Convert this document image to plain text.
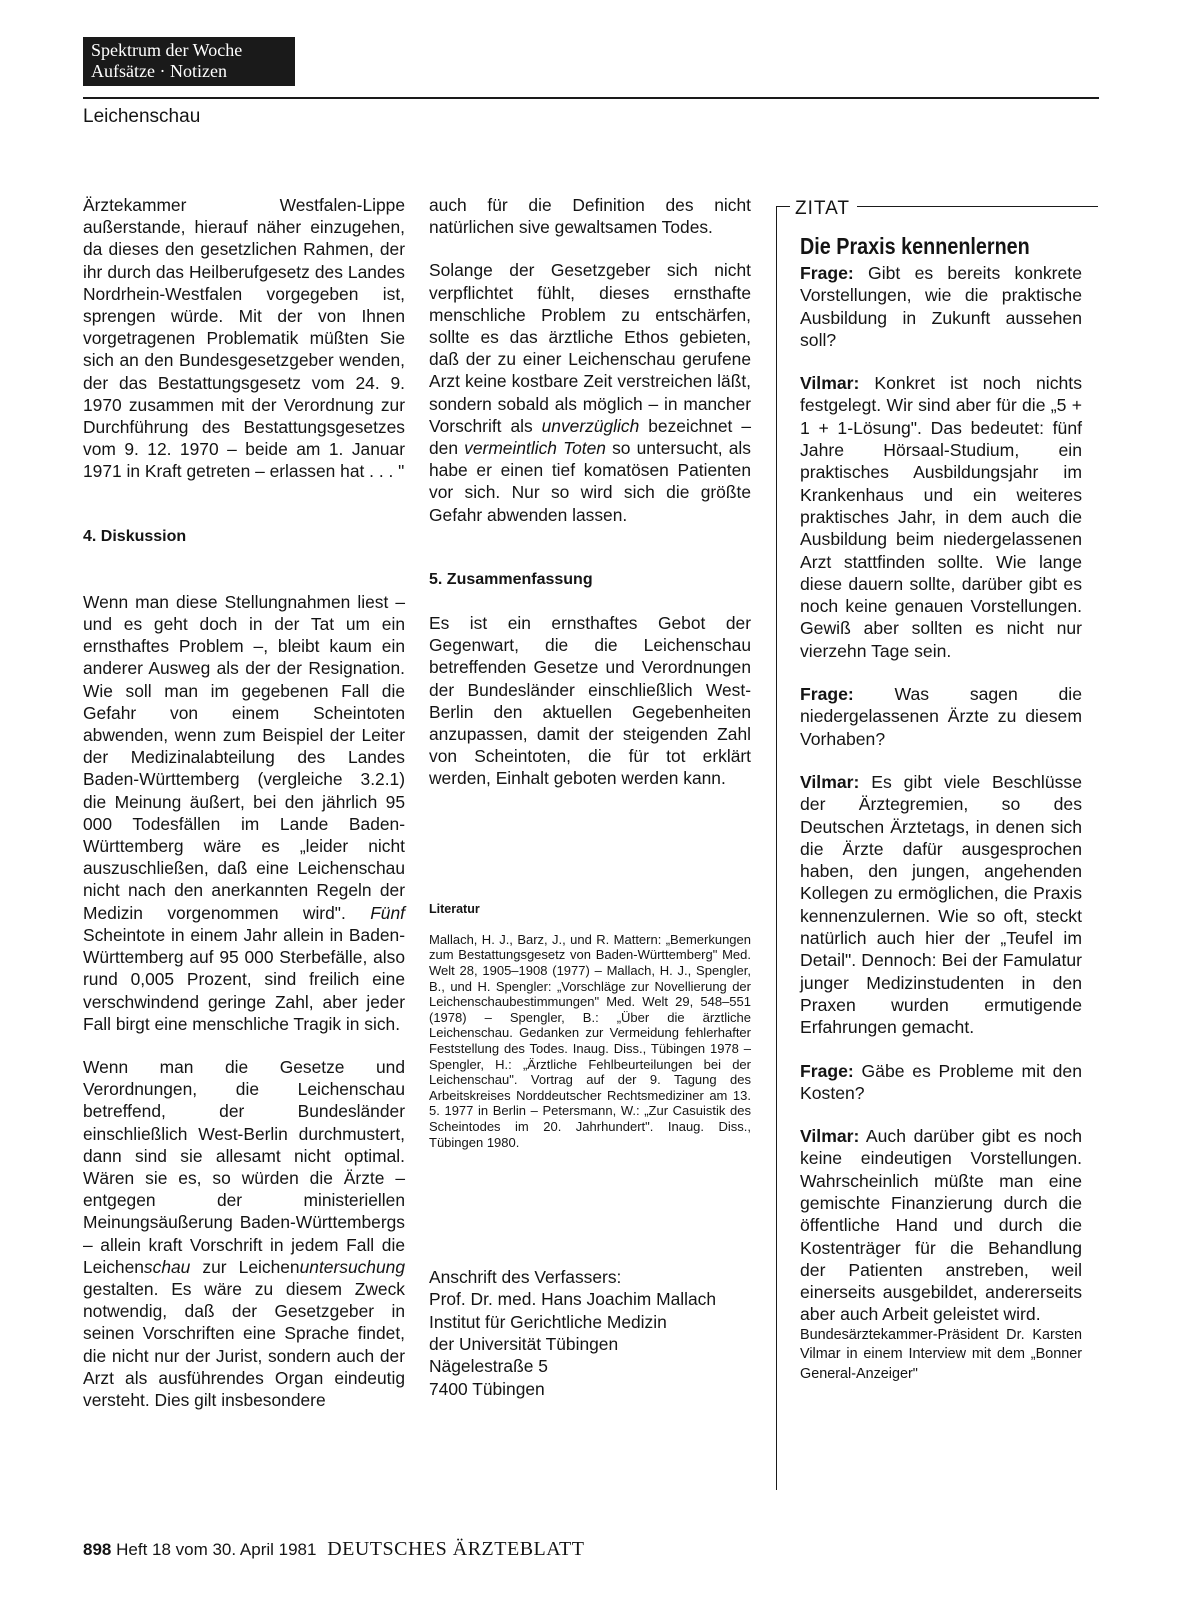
Spektrum der Woche
Aufsätze · Notizen
Leichenschau

Ärztekammer Westfalen-Lippe außerstande, hierauf näher einzugehen, da dieses den gesetzlichen Rahmen, der ihr durch das Heilberufgesetz des Landes Nordrhein-Westfalen vorgegeben ist, sprengen würde. Mit der von Ihnen vorgetragenen Problematik müßten Sie sich an den Bundesgesetzgeber wenden, der das Bestattungsgesetz vom 24. 9. 1970 zusammen mit der Verordnung zur Durchführung des Bestattungsgesetzes vom 9. 12. 1970 – beide am 1. Januar 1971 in Kraft getreten – erlassen hat . . . "

4. Diskussion

Wenn man diese Stellungnahmen liest – und es geht doch in der Tat um ein ernsthaftes Problem –, bleibt kaum ein anderer Ausweg als der der Resignation. Wie soll man im gegebenen Fall die Gefahr von einem Scheintoten abwenden, wenn zum Beispiel der Leiter der Medizinalabteilung des Landes Baden-Württemberg (vergleiche 3.2.1) die Meinung äußert, bei den jährlich 95 000 Todesfällen im Lande Baden-Württemberg wäre es „leider nicht auszuschließen, daß eine Leichenschau nicht nach den anerkannten Regeln der Medizin vorgenommen wird". Fünf Scheintote in einem Jahr allein in Baden-Württemberg auf 95 000 Sterbefälle, also rund 0,005 Prozent, sind freilich eine verschwindend geringe Zahl, aber jeder Fall birgt eine menschliche Tragik in sich.

Wenn man die Gesetze und Verordnungen, die Leichenschau betreffend, der Bundesländer einschließlich West-Berlin durchmustert, dann sind sie allesamt nicht optimal. Wären sie es, so würden die Ärzte – entgegen der ministeriellen Meinungsäußerung Baden-Württembergs – allein kraft Vorschrift in jedem Fall die Leichenschau zur Leichenuntersuchung gestalten. Es wäre zu diesem Zweck notwendig, daß der Gesetzgeber in seinen Vorschriften eine Sprache findet, die nicht nur der Jurist, sondern auch der Arzt als ausführendes Organ eindeutig versteht. Dies gilt insbesondere

auch für die Definition des nicht natürlichen sive gewaltsamen Todes.

Solange der Gesetzgeber sich nicht verpflichtet fühlt, dieses ernsthafte menschliche Problem zu entschärfen, sollte es das ärztliche Ethos gebieten, daß der zu einer Leichenschau gerufene Arzt keine kostbare Zeit verstreichen läßt, sondern sobald als möglich – in mancher Vorschrift als unverzüglich bezeichnet – den vermeintlich Toten so untersucht, als habe er einen tief komatösen Patienten vor sich. Nur so wird sich die größte Gefahr abwenden lassen.

5. Zusammenfassung

Es ist ein ernsthaftes Gebot der Gegenwart, die die Leichenschau betreffenden Gesetze und Verordnungen der Bundesländer einschließlich West-Berlin den aktuellen Gegebenheiten anzupassen, damit der steigenden Zahl von Scheintoten, die für tot erklärt werden, Einhalt geboten werden kann.

Literatur

Mallach, H. J., Barz, J., und R. Mattern: „Bemerkungen zum Bestattungsgesetz von Baden-Württemberg" Med. Welt 28, 1905–1908 (1977) – Mallach, H. J., Spengler, B., und H. Spengler: „Vorschläge zur Novellierung der Leichenschaubestimmungen" Med. Welt 29, 548–551 (1978) – Spengler, B.: „Über die ärztliche Leichenschau. Gedanken zur Vermeidung fehlerhafter Feststellung des Todes. Inaug. Diss., Tübingen 1978 – Spengler, H.: „Ärztliche Fehlbeurteilungen bei der Leichenschau". Vortrag auf der 9. Tagung des Arbeitskreises Norddeutscher Rechtsmediziner am 13. 5. 1977 in Berlin – Petersmann, W.: „Zur Casuistik des Scheintodes im 20. Jahrhundert". Inaug. Diss., Tübingen 1980.

Anschrift des Verfassers:
Prof. Dr. med. Hans Joachim Mallach
Institut für Gerichtliche Medizin
der Universität Tübingen
Nägelestraße 5
7400 Tübingen
ZITAT
Die Praxis kennenlernen

Frage: Gibt es bereits konkrete Vorstellungen, wie die praktische Ausbildung in Zukunft aussehen soll?

Vilmar: Konkret ist noch nichts festgelegt. Wir sind aber für die „5 + 1 + 1-Lösung". Das bedeutet: fünf Jahre Hörsaal-Studium, ein praktisches Ausbildungsjahr im Krankenhaus und ein weiteres praktisches Jahr, in dem auch die Ausbildung beim niedergelassenen Arzt stattfinden sollte. Wie lange diese dauern sollte, darüber gibt es noch keine genauen Vorstellungen. Gewiß aber sollten es nicht nur vierzehn Tage sein.

Frage: Was sagen die niedergelassenen Ärzte zu diesem Vorhaben?

Vilmar: Es gibt viele Beschlüsse der Ärztegremien, so des Deutschen Ärztetags, in denen sich die Ärzte dafür ausgesprochen haben, den jungen, angehenden Kollegen zu ermöglichen, die Praxis kennenzulernen. Wie so oft, steckt natürlich auch hier der „Teufel im Detail". Dennoch: Bei der Famulatur junger Medizinstudenten in den Praxen wurden ermutigende Erfahrungen gemacht.

Frage: Gäbe es Probleme mit den Kosten?

Vilmar: Auch darüber gibt es noch keine eindeutigen Vorstellungen. Wahrscheinlich müßte man eine gemischte Finanzierung durch die öffentliche Hand und durch die Kostenträger für die Behandlung der Patienten anstreben, weil einerseits ausgebildet, andererseits aber auch Arbeit geleistet wird.

Bundesärztekammer-Präsident Dr. Karsten Vilmar in einem Interview mit dem „Bonner General-Anzeiger"

898 Heft 18 vom 30. April 1981 DEUTSCHES ÄRZTEBLATT
